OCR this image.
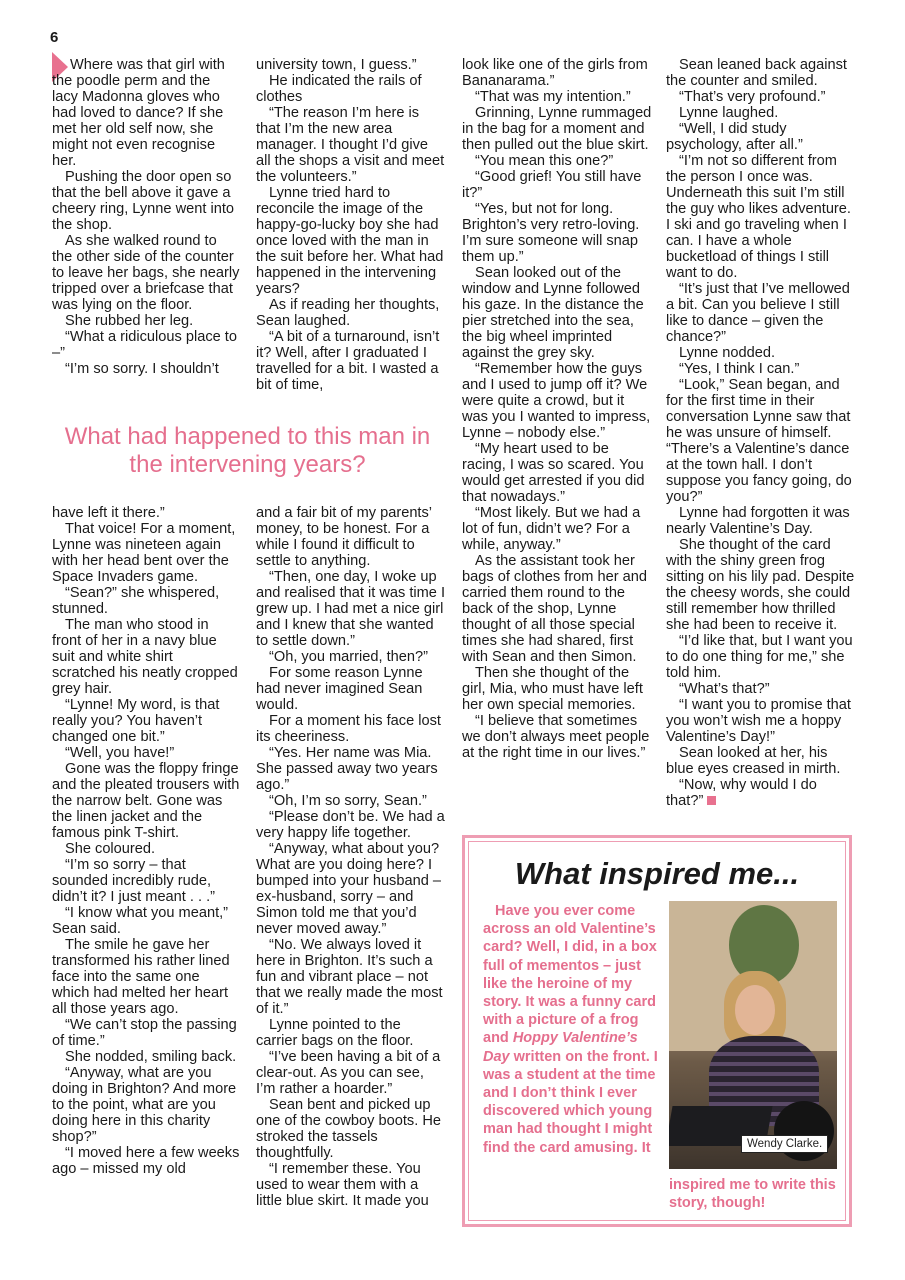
6

Where was that girl with the poodle perm and the lacy Madonna gloves who had loved to dance? If she met her old self now, she might not even recognise her.

Pushing the door open so that the bell above it gave a cheery ring, Lynne went into the shop.

As she walked round to the other side of the counter to leave her bags, she nearly tripped over a briefcase that was lying on the floor.

She rubbed her leg.

“What a ridiculous place to –”

“I’m so sorry. I shouldn’t

university town, I guess.”

He indicated the rails of clothes

“The reason I’m here is that I’m the new area manager. I thought I’d give all the shops a visit and meet the volunteers.”

Lynne tried hard to reconcile the image of the happy-go-lucky boy she had once loved with the man in the suit before her. What had happened in the intervening years?

As if reading her thoughts, Sean laughed.

“A bit of a turnaround, isn’t it? Well, after I graduated I travelled for a bit. I wasted a bit of time,

What had happened to this man in the intervening years?

have left it there.”

That voice! For a moment, Lynne was nineteen again with her head bent over the Space Invaders game.

“Sean?” she whispered, stunned.

The man who stood in front of her in a navy blue suit and white shirt scratched his neatly cropped grey hair.

“Lynne! My word, is that really you? You haven’t changed one bit.”

“Well, you have!”

Gone was the floppy fringe and the pleated trousers with the narrow belt. Gone was the linen jacket and the famous pink T-shirt.

She coloured.

“I’m so sorry – that sounded incredibly rude, didn’t it? I just meant . . .”

“I know what you meant,” Sean said.

The smile he gave her transformed his rather lined face into the same one which had melted her heart all those years ago.

“We can’t stop the passing of time.”

She nodded, smiling back.

“Anyway, what are you doing in Brighton? And more to the point, what are you doing here in this charity shop?”

“I moved here a few weeks ago – missed my old

and a fair bit of my parents’ money, to be honest. For a while I found it difficult to settle to anything.

“Then, one day, I woke up and realised that it was time I grew up. I had met a nice girl and I knew that she wanted to settle down.”

“Oh, you married, then?”

For some reason Lynne had never imagined Sean would.

For a moment his face lost its cheeriness.

“Yes. Her name was Mia. She passed away two years ago.”

“Oh, I’m so sorry, Sean.”

“Please don’t be. We had a very happy life together.

“Anyway, what about you? What are you doing here? I bumped into your husband – ex-husband, sorry – and Simon told me that you’d never moved away.”

“No. We always loved it here in Brighton. It’s such a fun and vibrant place – not that we really made the most of it.”

Lynne pointed to the carrier bags on the floor.

“I’ve been having a bit of a clear-out. As you can see, I’m rather a hoarder.”

Sean bent and picked up one of the cowboy boots. He stroked the tassels thoughtfully.

“I remember these. You used to wear them with a little blue skirt. It made you

look like one of the girls from Bananarama.”

“That was my intention.”

Grinning, Lynne rummaged in the bag for a moment and then pulled out the blue skirt.

“You mean this one?”

“Good grief! You still have it?”

“Yes, but not for long. Brighton’s very retro-loving. I’m sure someone will snap them up.”

Sean looked out of the window and Lynne followed his gaze. In the distance the pier stretched into the sea, the big wheel imprinted against the grey sky.

“Remember how the guys and I used to jump off it? We were quite a crowd, but it was you I wanted to impress, Lynne – nobody else.”

“My heart used to be racing, I was so scared. You would get arrested if you did that nowadays.”

“Most likely. But we had a lot of fun, didn’t we? For a while, anyway.”

As the assistant took her bags of clothes from her and carried them round to the back of the shop, Lynne thought of all those special times she had shared, first with Sean and then Simon.

Then she thought of the girl, Mia, who must have left her own special memories.

“I believe that sometimes we don’t always meet people at the right time in our lives.”

Sean leaned back against the counter and smiled.

“That’s very profound.”

Lynne laughed.

“Well, I did study psychology, after all.”

“I’m not so different from the person I once was. Underneath this suit I’m still the guy who likes adventure. I ski and go traveling when I can. I have a whole bucketload of things I still want to do.

“It’s just that I’ve mellowed a bit. Can you believe I still like to dance – given the chance?”

Lynne nodded.

“Yes, I think I can.”

“Look,” Sean began, and for the first time in their conversation Lynne saw that he was unsure of himself. “There’s a Valentine’s dance at the town hall. I don’t suppose you fancy going, do you?”

Lynne had forgotten it was nearly Valentine’s Day.

She thought of the card with the shiny green frog sitting on his lily pad. Despite the cheesy words, she could still remember how thrilled she had been to receive it.

“I’d like that, but I want you to do one thing for me,” she told him.

“What’s that?”

“I want you to promise that you won’t wish me a hoppy Valentine’s Day!”

Sean looked at her, his blue eyes creased in mirth.

“Now, why would I do that?”

What inspired me...

Have you ever come across an old Valentine’s card? Well, I did, in a box full of mementos – just like the heroine of my story. It was a funny card with a picture of a frog and Hoppy Valentine’s Day written on the front. I was a student at the time and I don’t think I ever discovered which young man had thought I might find the card amusing. It	Wendy Clarke.

inspired me to write this story, though!
